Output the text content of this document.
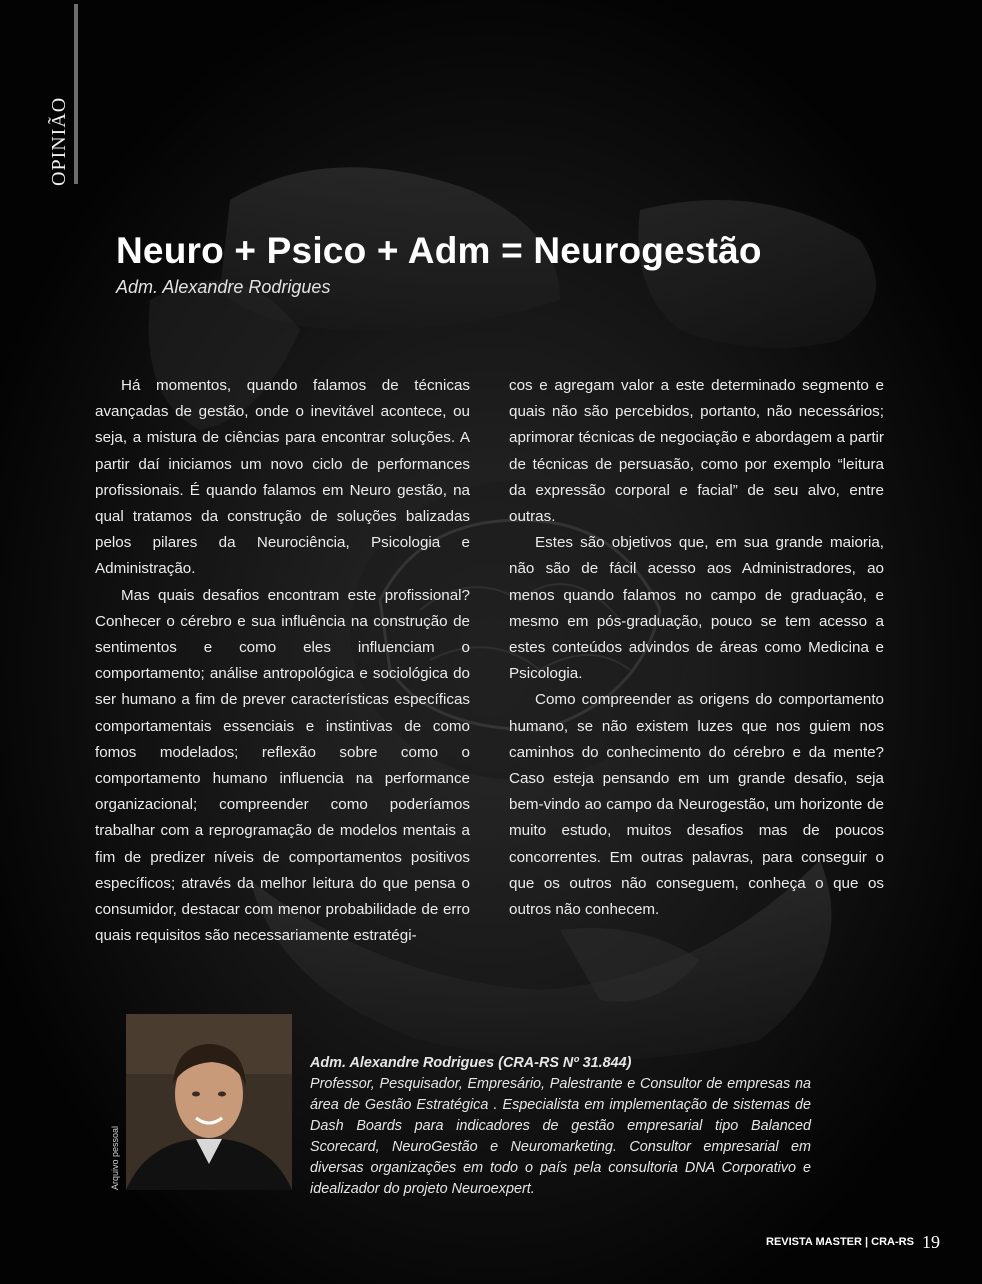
OPINIÃO
Neuro + Psico + Adm = Neurogestão
Adm. Alexandre Rodrigues

Há momentos, quando falamos de técnicas avançadas de gestão, onde o inevitável acontece, ou seja, a mistura de ciências para encontrar soluções. A partir daí iniciamos um novo ciclo de performances profissionais. É quando falamos em Neuro gestão, na qual tratamos da construção de soluções balizadas pelos pilares da Neurociência, Psicologia e Administração.

Mas quais desafios encontram este profissional? Conhecer o cérebro e sua influência na construção de sentimentos e como eles influenciam o comportamento; análise antropológica e sociológica do ser humano a fim de prever características específicas comportamentais essenciais e instintivas de como fomos modelados; reflexão sobre como o comportamento humano influencia na performance organizacional; compreender como poderíamos trabalhar com a reprogramação de modelos mentais a fim de predizer níveis de comportamentos positivos específicos; através da melhor leitura do que pensa o consumidor, destacar com menor probabilidade de erro quais requisitos são necessariamente estratégi-

cos e agregam valor a este determinado segmento e quais não são percebidos, portanto, não necessários; aprimorar técnicas de negociação e abordagem a partir de técnicas de persuasão, como por exemplo “leitura da expressão corporal e facial” de seu alvo, entre outras.

Estes são objetivos que, em sua grande maioria, não são de fácil acesso aos Administradores, ao menos quando falamos no campo de graduação, e mesmo em pós-graduação, pouco se tem acesso a estes conteúdos advindos de áreas como Medicina e Psicologia.

Como compreender as origens do comportamento humano, se não existem luzes que nos guiem nos caminhos do conhecimento do cérebro e da mente? Caso esteja pensando em um grande desafio, seja bem-vindo ao campo da Neurogestão, um horizonte de muito estudo, muitos desafios mas de poucos concorrentes. Em outras palavras, para conseguir o que os outros não conseguem, conheça o que os outros não conhecem.

Arquivo pessoal
Adm. Alexandre Rodrigues (CRA-RS Nº 31.844)
Professor, Pesquisador, Empresário, Palestrante e Consultor de empresas na área de Gestão Estratégica . Especialista em implementação de sistemas de Dash Boards para indicadores de gestão empresarial tipo Balanced Scorecard, NeuroGestão e Neuromarketing. Consultor empresarial em diversas organizações em todo o país pela consultoria DNA Corporativo e idealizador do projeto Neuroexpert.
REVISTA MASTER | CRA-RS 19
